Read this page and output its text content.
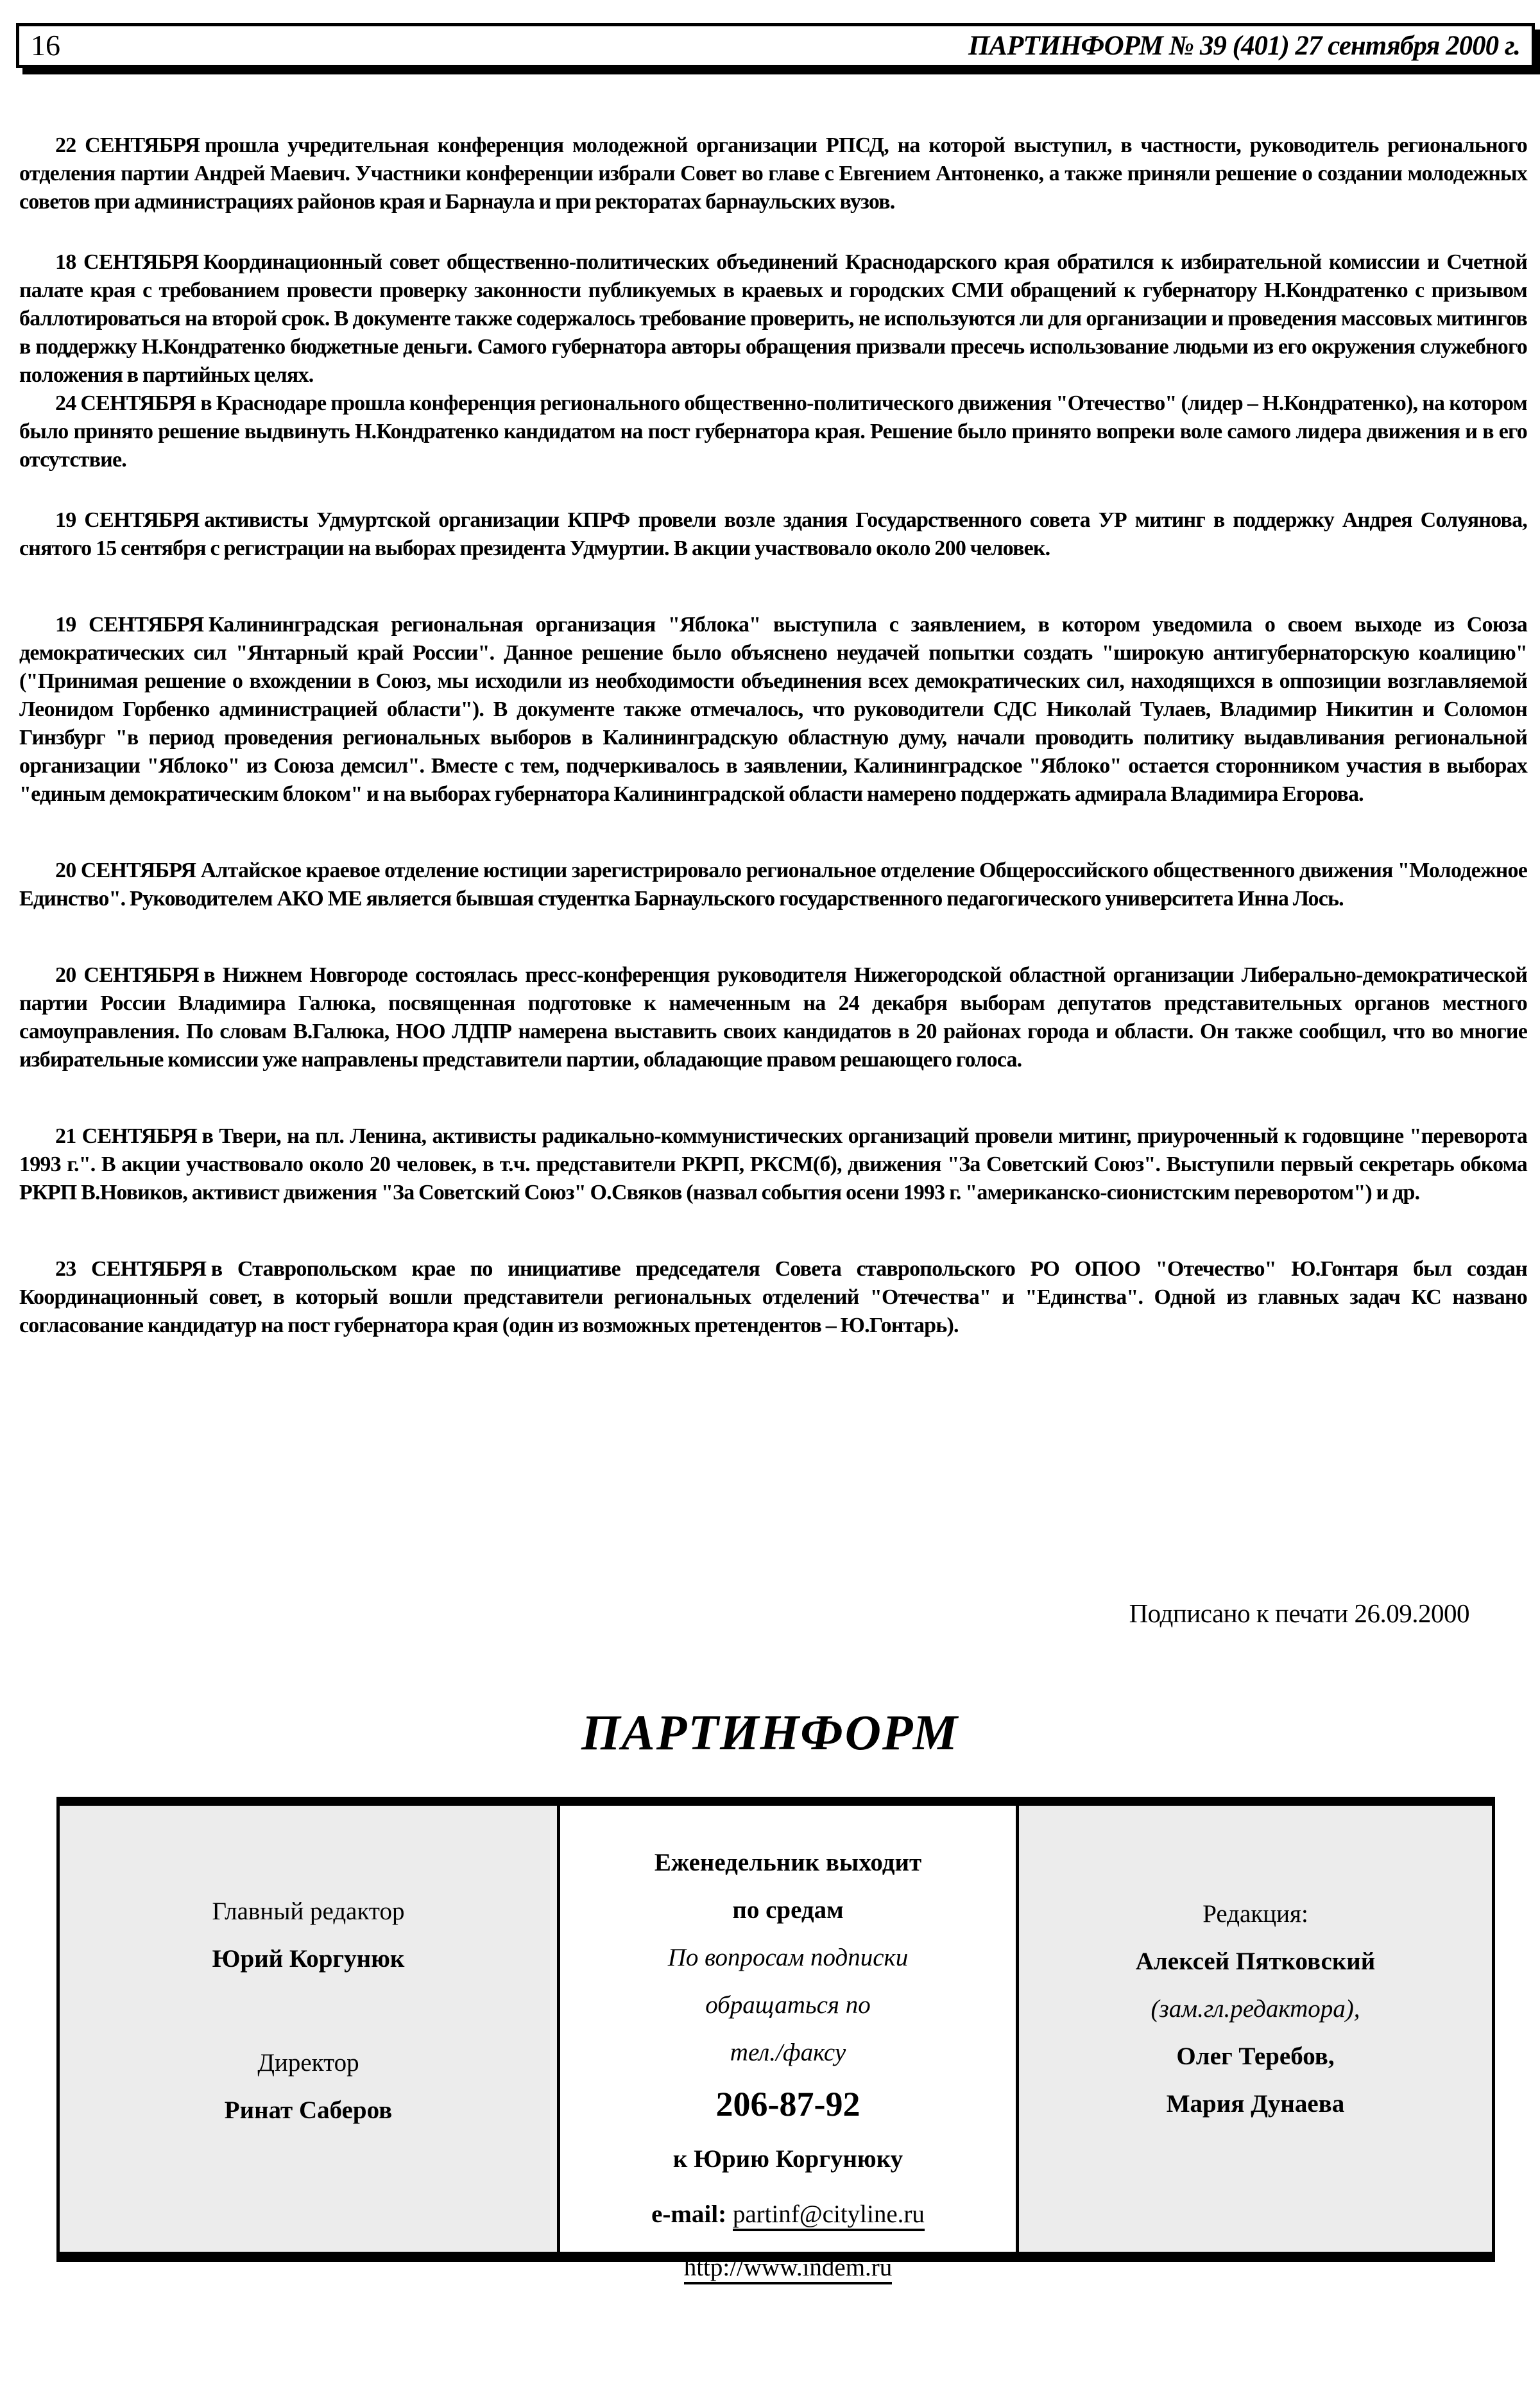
16	ПАРТИНФОРМ № 39 (401) 27 сентября 2000 г.

22 СЕНТЯБРЯ прошла учредительная конференция молодежной организации РПСД, на которой выступил, в частности, руководитель регионального отделения партии Андрей Маевич. Участники конференции избрали Совет во главе с Евгением Антоненко, а также приняли решение о создании молодежных советов при администрациях районов края и Барнаула и при ректоратах барнаульских вузов.

18 СЕНТЯБРЯ Координационный совет общественно-политических объединений Краснодарского края обратился к избирательной комиссии и Счетной палате края с требованием провести проверку законности публикуемых в краевых и городских СМИ обращений к губернатору Н.Кондратенко с призывом баллотироваться на второй срок. В документе также содержалось требование проверить, не используются ли для организации и проведения массовых митингов в поддержку Н.Кондратенко бюджетные деньги. Самого губернатора авторы обращения призвали пресечь использование людьми из его окружения служебного положения в партийных целях.

24 СЕНТЯБРЯ в Краснодаре прошла конференция регионального общественно-политического движения "Отечество" (лидер – Н.Кондратенко), на котором было принято решение выдвинуть Н.Кондратенко кандидатом на пост губернатора края. Решение было принято вопреки воле самого лидера движения и в его отсутствие.

19 СЕНТЯБРЯ активисты Удмуртской организации КПРФ провели возле здания Государственного совета УР митинг в поддержку Андрея Солуянова, снятого 15 сентября с регистрации на выборах президента Удмуртии. В акции участвовало около 200 человек.

19 СЕНТЯБРЯ Калининградская региональная организация "Яблока" выступила с заявлением, в котором уведомила о своем выходе из Союза демократических сил "Янтарный край России". Данное решение было объяснено неудачей попытки создать "широкую антигубернаторскую коалицию" ("Принимая решение о вхождении в Союз, мы исходили из необходимости объединения всех демократических сил, находящихся в оппозиции возглавляемой Леонидом Горбенко администрацией области"). В документе также отмечалось, что руководители СДС Николай Тулаев, Владимир Никитин и Соломон Гинзбург "в период проведения региональных выборов в Калининградскую областную думу, начали проводить политику выдавливания региональной организации "Яблоко" из Союза демсил". Вместе с тем, подчеркивалось в заявлении, Калининградское "Яблоко" остается сторонником участия в выборах "единым демократическим блоком" и на выборах губернатора Калининградской области намерено поддержать адмирала Владимира Егорова.

20 СЕНТЯБРЯ Алтайское краевое отделение юстиции зарегистрировало региональное отделение Общероссийского общественного движения "Молодежное Единство". Руководителем АКО МЕ является бывшая студентка Барнаульского государственного педагогического университета Инна Лось.

20 СЕНТЯБРЯ в Нижнем Новгороде состоялась пресс-конференция руководителя Нижегородской областной организации Либерально-демократической партии России Владимира Галюка, посвященная подготовке к намеченным на 24 декабря выборам депутатов представительных органов местного самоуправления. По словам В.Галюка, НОО ЛДПР намерена выставить своих кандидатов в 20 районах города и области. Он также сообщил, что во многие избирательные комиссии уже направлены представители партии, обладающие правом решающего голоса.

21 СЕНТЯБРЯ в Твери, на пл. Ленина, активисты радикально-коммунистических организаций провели митинг, приуроченный к годовщине "переворота 1993 г.". В акции участвовало около 20 человек, в т.ч. представители РКРП, РКСМ(б), движения "За Советский Союз". Выступили первый секретарь обкома РКРП В.Новиков, активист движения "За Советский Союз" О.Свяков (назвал события осени 1993 г. "американско-сионистским переворотом") и др.

23 СЕНТЯБРЯ в Ставропольском крае по инициативе председателя Совета ставропольского РО ОПОО "Отечество" Ю.Гонтаря был создан Координационный совет, в который вошли представители региональных отделений "Отечества" и "Единства". Одной из главных задач КС названо согласование кандидатур на пост губернатора края (один из возможных претендентов – Ю.Гонтарь).

Подписано к печати 26.09.2000
ПАРТИНФОРМ
Главный редактор
Юрий Коргунюк
Директор
Ринат Саберов
Еженедельник выходит
по средам
По вопросам подписки
обращаться по
тел./факсу
206-87-92
к Юрию Коргунюку
e-mail: partinf@cityline.ru
http://www.indem.ru
Редакция:
Алексей Пятковский
(зам.гл.редактора),
Олег Теребов,
Мария Дунаева
